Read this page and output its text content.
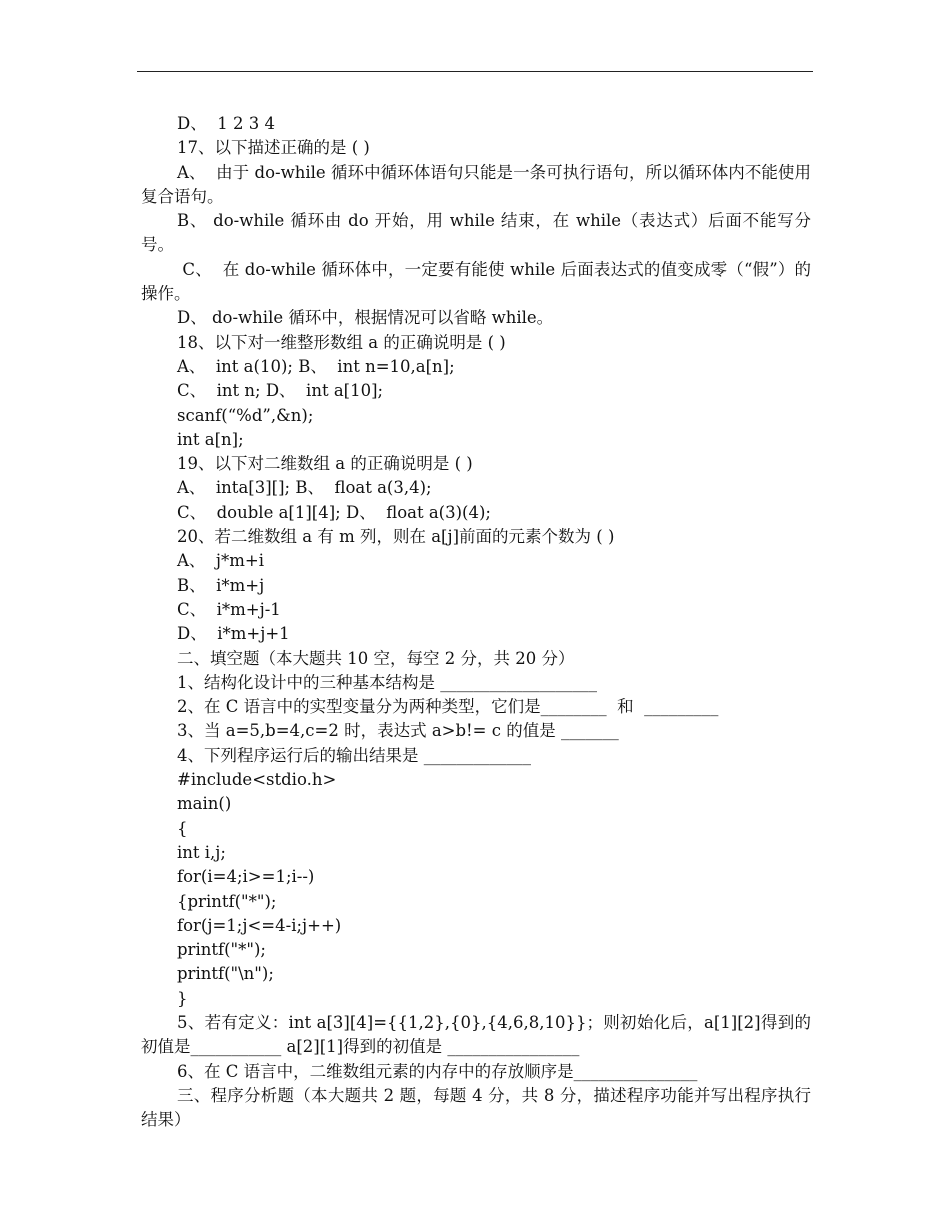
D、  1 2 3 4

17、以下描述正确的是 ( )

A、  由于 do-while 循环中循环体语句只能是一条可执行语句，所以循环体内不能使用复合语句。

B、 do-while 循环由 do 开始，用 while 结束，在 while（表达式）后面不能写分号。

C、  在 do-while 循环体中，一定要有能使 while 后面表达式的值变成零（“假”）的操作。

D、 do-while 循环中，根据情况可以省略 while。

18、以下对一维整形数组 a 的正确说明是 ( )

A、  int a(10); B、  int n=10,a[n];

C、  int n; D、  int a[10];

scanf(“%d”,&n);

int a[n];

19、以下对二维数组 a 的正确说明是 ( )

A、  inta[3][]; B、  float a(3,4);

C、  double a[1][4]; D、  float a(3)(4);

20、若二维数组 a 有 m 列，则在 a[j]前面的元素个数为 ( )

A、  j*m+i

B、  i*m+j

C、  i*m+j-1

D、  i*m+j+1

二、填空题（本大题共 10 空，每空 2 分，共 20 分）

1、结构化设计中的三种基本结构是 ___________________

2、在 C 语言中的实型变量分为两种类型，它们是________  和  _________

3、当 a=5,b=4,c=2 时，表达式 a>b!= c 的值是 _______

4、下列程序运行后的输出结果是 _____________

#include<stdio.h>

main()

{

int i,j;

for(i=4;i>=1;i--)

{printf("*");

for(j=1;j<=4-i;j++)

printf("*");

printf("\n");

}

5、若有定义：int a[3][4]={{1,2},{0},{4,6,8,10}}；则初始化后，a[1][2]得到的初值是___________ a[2][1]得到的初值是 ________________

6、在 C 语言中，二维数组元素的内存中的存放顺序是_______________

三、程序分析题（本大题共 2 题，每题 4 分，共 8 分，描述程序功能并写出程序执行结果）
